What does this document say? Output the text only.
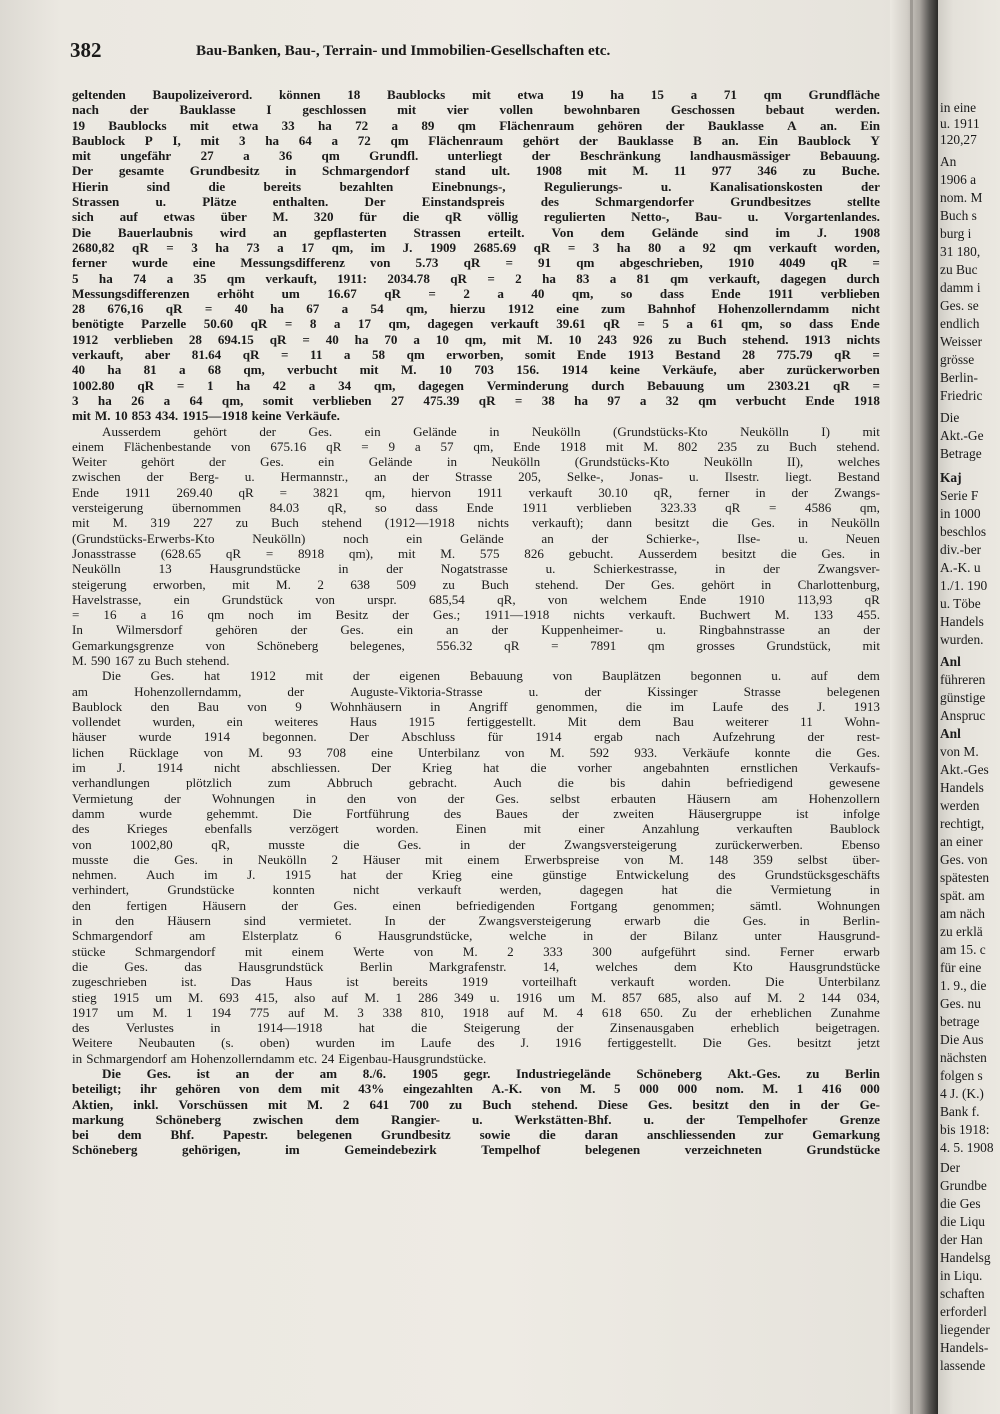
382	Bau-Banken, Bau-, Terrain- und Immobilien-Gesellschaften etc.
geltenden Baupolizeiverord. können 18 Baublocks mit etwa 19 ha 15 a 71 qm Grundfläche
nach der Bauklasse I geschlossen mit vier vollen bewohnbaren Geschossen bebaut werden.
19 Baublocks mit etwa 33 ha 72 a 89 qm Flächenraum gehören der Bauklasse A an. Ein
Baublock P I, mit 3 ha 64 a 72 qm Flächenraum gehört der Bauklasse B an. Ein Baublock Y
mit ungefähr 27 a 36 qm Grundfl. unterliegt der Beschränkung landhausmässiger Bebauung.
Der gesamte Grundbesitz in Schmargendorf stand ult. 1908 mit M. 11 977 346 zu Buche.
Hierin	sind	die	bereits	bezahlten	Einebnungs-,	Regulierungs-	u.	Kanalisationskosten	der
Strassen	u.	Plätze	enthalten.	Der	Einstandspreis	des	Schmargendorfer	Grundbesitzes	stellte
sich auf etwas über M. 320 für die qR völlig regulierten Netto-, Bau- u. Vorgartenlandes.
Die Bauerlaubnis wird an gepflasterten Strassen erteilt. Von dem Gelände sind im J. 1908
2680,82 qR = 3 ha 73 a 17 qm, im J. 1909 2685.69 qR = 3 ha 80 a 92 qm verkauft worden,
ferner wurde eine Messungsdifferenz von 5.73 qR = 91 qm abgeschrieben, 1910 4049 qR =
5 ha 74 a 35 qm verkauft, 1911: 2034.78 qR = 2 ha 83 a 81 qm verkauft, dagegen durch
Messungsdifferenzen erhöht um 16.67 qR = 2 a 40 qm, so dass Ende 1911 verblieben
28 676,16 qR = 40 ha 67 a 54 qm, hierzu 1912 eine zum Bahnhof Hohenzollerndamm nicht
benötigte Parzelle 50.60 qR = 8 a 17 qm, dagegen verkauft 39.61 qR = 5 a 61 qm, so dass Ende
1912 verblieben 28 694.15 qR = 40 ha 70 a 10 qm, mit M. 10 243 926 zu Buch stehend. 1913 nichts
verkauft, aber 81.64 qR = 11 a 58 qm erworben, somit Ende 1913 Bestand 28 775.79 qR =
40 ha 81 a 68 qm, verbucht mit M. 10 703 156. 1914 keine Verkäufe, aber zurückerworben
1002.80 qR = 1 ha 42 a 34 qm, dagegen Verminderung durch Bebauung um 2303.21 qR =
3 ha 26 a 64 qm, somit verblieben 27 475.39 qR = 38 ha 97 a 32 qm verbucht Ende 1918
mit M. 10 853 434. 1915—1918 keine Verkäufe.
Ausserdem gehört der Ges. ein Gelände in Neukölln (Grundstücks-Kto Neukölln I) mit
einem Flächenbestande von 675.16 qR = 9 a 57 qm, Ende 1918 mit M. 802 235 zu Buch stehend.
Weiter	gehört	der	Ges.	ein	Gelände	in	Neukölln	(Grundstücks-Kto	Neukölln	II),	welches
zwischen der Berg- u. Hermannstr., an der Strasse 205, Selke-, Jonas- u. Ilsestr. liegt. Bestand
Ende 1911 269.40 qR = 3821 qm, hiervon 1911 verkauft 30.10 qR, ferner in der Zwangs-
versteigerung übernommen 84.03 qR, so dass Ende 1911 verblieben 323.33 qR = 4586 qm,
mit M. 319 227 zu Buch stehend (1912—1918 nichts verkauft); dann besitzt die Ges. in Neukölln
(Grundstücks-Erwerbs-Kto	Neukölln)	noch	ein	Gelände	an	der	Schierke-,	Ilse-	u.	Neuen
Jonasstrasse (628.65 qR = 8918 qm), mit M. 575 826 gebucht. Ausserdem besitzt die Ges. in
Neukölln	13	Hausgrundstücke	in	der	Nogatstrasse	u.	Schierkestrasse,	in	der	Zwangsver-
steigerung erworben, mit M. 2 638 509 zu Buch stehend. Der Ges. gehört in Charlottenburg,
Havelstrasse, ein Grundstück von urspr. 685,54 qR, von welchem Ende 1910 113,93 qR
= 16 a 16 qm noch im Besitz der Ges.; 1911—1918 nichts verkauft. Buchwert M. 133 455.
In	Wilmersdorf	gehören	der	Ges.	ein	an	der	Kuppenheimer-	u.	Ringbahnstrasse	an	der
Gemarkungsgrenze von Schöneberg belegenes, 556.32 qR = 7891 qm grosses Grundstück, mit
M. 590 167 zu Buch stehend.
Die Ges. hat 1912 mit der eigenen Bebauung von Bauplätzen begonnen u. auf dem
am	Hohenzollerndamm,	der	Auguste-Viktoria-Strasse	u.	der	Kissinger	Strasse	belegenen
Baublock den Bau von 9 Wohnhäusern in Angriff genommen, die im Laufe des J. 1913
vollendet wurden, ein weiteres Haus 1915 fertiggestellt. Mit dem Bau weiterer 11 Wohn-
häuser wurde 1914 begonnen. Der Abschluss für 1914 ergab nach Aufzehrung der rest-
lichen Rücklage von M. 93 708 eine Unterbilanz von M. 592 933. Verkäufe konnte die Ges.
im J. 1914 nicht abschliessen. Der Krieg hat die vorher angebahnten ernstlichen Verkaufs-
verhandlungen	plötzlich	zum	Abbruch	gebracht.	Auch	die	bis	dahin	befriedigend	gewesene
Vermietung der Wohnungen in den von der Ges. selbst erbauten Häusern am Hohenzollern
damm	wurde	gehemmt.	Die	Fortführung	des	Baues	der	zweiten	Häusergruppe	ist	infolge
des	Krieges	ebenfalls	verzögert	worden.	Einen	mit	einer	Anzahlung	verkauften	Baublock
von	1002,80	qR,	musste	die	Ges.	in	der	Zwangsversteigerung	zurückerwerben.	Ebenso
musste die Ges. in Neukölln 2 Häuser mit einem Erwerbspreise von M. 148 359 selbst über-
nehmen. Auch im J. 1915 hat der Krieg eine günstige Entwickelung des Grundstücksgeschäfts
verhindert,	Grundstücke	konnten	nicht	verkauft	werden,	dagegen	hat	die	Vermietung	in
den	fertigen	Häusern	der	Ges.	einen	befriedigenden	Fortgang	genommen;	sämtl.	Wohnungen
in	den	Häusern	sind	vermietet.	In	der	Zwangsversteigerung	erwarb	die	Ges.	in	Berlin-
Schmargendorf	am	Elsterplatz	6	Hausgrundstücke,	welche	in	der	Bilanz	unter	Hausgrund-
stücke Schmargendorf mit einem Werte von M. 2 333 300 aufgeführt sind. Ferner erwarb
die	Ges.	das	Hausgrundstück	Berlin	Markgrafenstr.	14,	welches	dem	Kto	Hausgrundstücke
zugeschrieben	ist.	Das	Haus	ist	bereits	1919	vorteilhaft	verkauft	worden.	Die	Unterbilanz
stieg 1915 um M. 693 415, also auf M. 1 286 349 u. 1916 um M. 857 685, also auf M. 2 144 034,
1917 um M. 1 194 775 auf M. 3 338 810, 1918 auf M. 4 618 650. Zu der erheblichen Zunahme
des	Verlustes	in	1914—1918	hat	die	Steigerung	der	Zinsenausgaben	erheblich	beigetragen.
Weitere Neubauten (s. oben) wurden im Laufe des J. 1916 fertiggestellt. Die Ges. besitzt jetzt
in Schmargendorf am Hohenzollerndamm etc. 24 Eigenbau-Hausgrundstücke.
Die Ges. ist an der am 8./6. 1905 gegr. Industriegelände Schöneberg Akt.-Ges. zu Berlin
beteiligt; ihr gehören von dem mit 43% eingezahlten A.-K. von M. 5 000 000 nom. M. 1 416 000
Aktien, inkl. Vorschüssen mit M. 2 641 700 zu Buch stehend. Diese Ges. besitzt den in der Ge-
markung Schöneberg zwischen dem Rangier- u. Werkstätten-Bhf. u. der Tempelhofer Grenze
bei dem Bhf. Papestr. belegenen Grundbesitz sowie die daran anschliessenden zur Gemarkung
Schöneberg	gehörigen,	im	Gemeindebezirk	Tempelhof	belegenen	verzeichneten	Grundstücke
in eine
u. 1911
120,27
An
1906 a
nom. M
Buch s
burg i
31 180,
zu Buc
damm i
Ges. se
endlich
Weisser
grösse
Berlin-
Friedric
Die
Akt.-Ge
Betrage
Kaj
Serie F
in 1000
beschlos
div.-ber
A.-K. u
1./1. 190
u. Töbe
Handels
wurden.
Anl
führeren
günstige
Anspruc
Anl
von M.
Akt.-Ges
Handels
werden
rechtigt,
an einer
Ges. von
spätesten
spät. am
am näch
zu erklä
am 15. c
für eine
1. 9., die
Ges. nu
betrage
Die Aus
nächsten
folgen s
4 J. (K.)
Bank f.
bis 1918:
4. 5. 1908
Der
Grundbe
die Ges
die Liqu
der Han
Handelsg
in Liqu.
schaften
erforderl
liegender
Handels-
lassende
